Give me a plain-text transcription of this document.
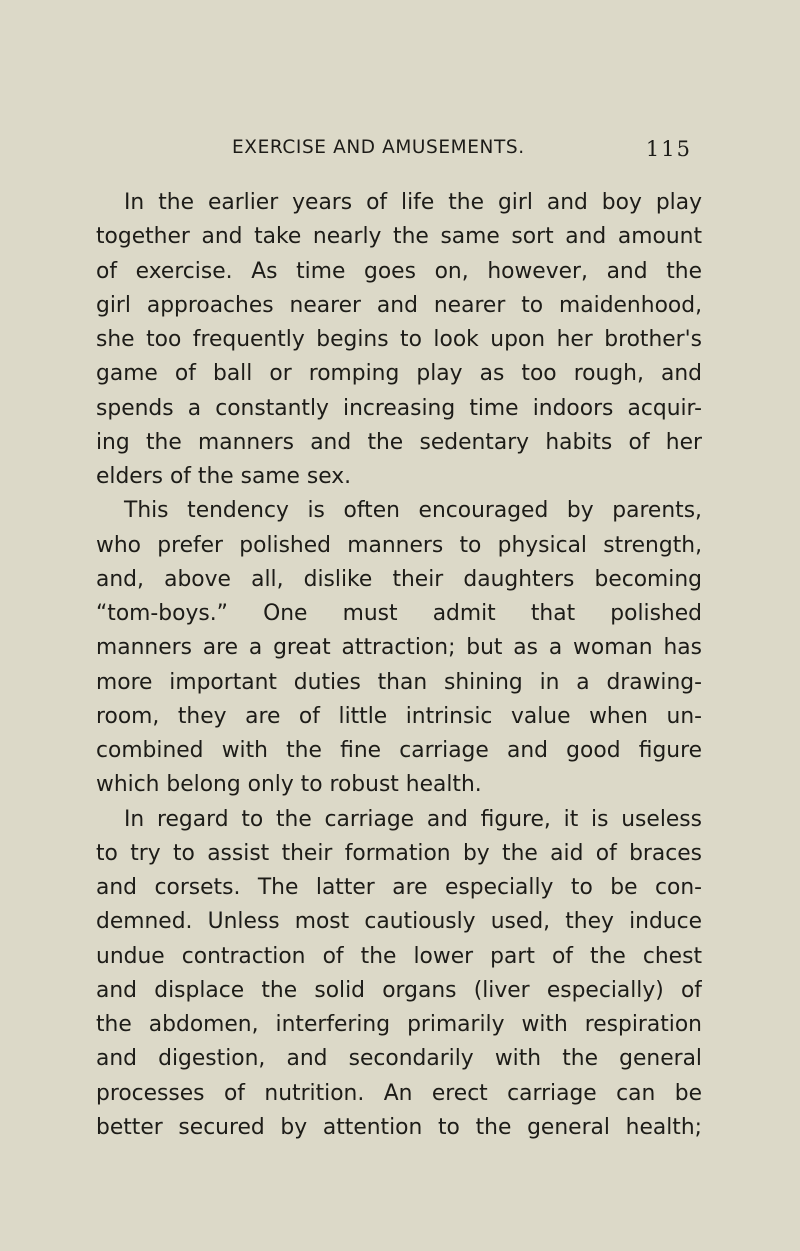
EXERCISE AND AMUSEMENTS.	115
In the earlier years of life the girl and boy play
together and take nearly the same sort and amount
of exercise. As time goes on, however, and the
girl approaches nearer and nearer to maidenhood,
she too frequently begins to look upon her brother's
game of ball or romping play as too rough, and
spends a constantly increasing time indoors acquir-
ing the manners and the sedentary habits of her
elders of the same sex.
This tendency is often encouraged by parents,
who prefer polished manners to physical strength,
and, above all, dislike their daughters becoming
“tom-boys.” One must admit that polished
manners are a great attraction; but as a woman has
more important duties than shining in a drawing-
room, they are of little intrinsic value when un-
combined with the fine carriage and good figure
which belong only to robust health.
In regard to the carriage and figure, it is useless
to try to assist their formation by the aid of braces
and corsets. The latter are especially to be con-
demned. Unless most cautiously used, they induce
undue contraction of the lower part of the chest
and displace the solid organs (liver especially) of
the abdomen, interfering primarily with respiration
and digestion, and secondarily with the general
processes of nutrition. An erect carriage can be
better secured by attention to the general health;
